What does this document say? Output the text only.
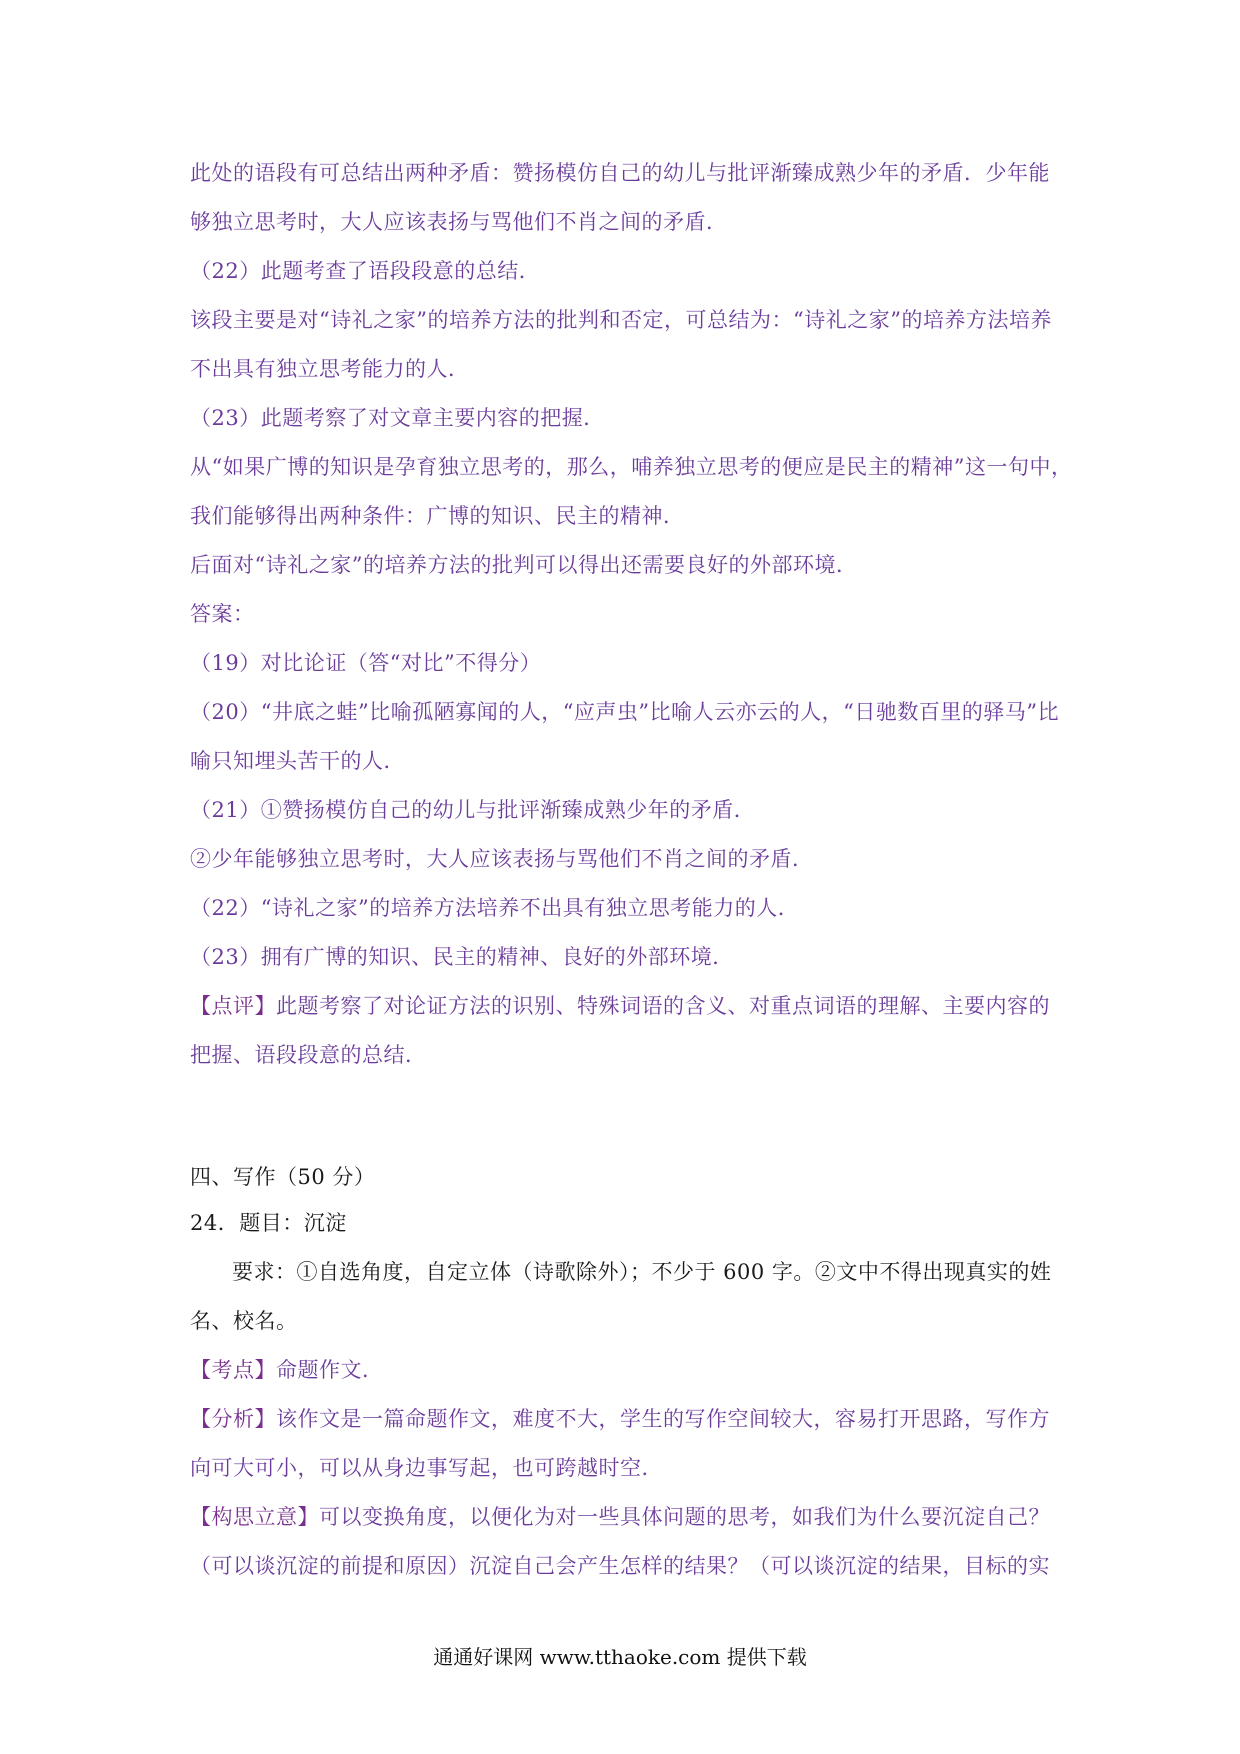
此处的语段有可总结出两种矛盾：赞扬模仿自己的幼儿与批评渐臻成熟少年的矛盾．少年能
够独立思考时，大人应该表扬与骂他们不肖之间的矛盾．
（22）此题考查了语段段意的总结．
该段主要是对“诗礼之家”的培养方法的批判和否定，可总结为：“诗礼之家”的培养方法培养
不出具有独立思考能力的人．
（23）此题考察了对文章主要内容的把握．
从“如果广博的知识是孕育独立思考的，那么，哺养独立思考的便应是民主的精神”这一句中，
我们能够得出两种条件：广博的知识、民主的精神．
后面对“诗礼之家”的培养方法的批判可以得出还需要良好的外部环境．
答案：
（19）对比论证（答“对比”不得分）
（20）“井底之蛙”比喻孤陋寡闻的人，“应声虫”比喻人云亦云的人，“日驰数百里的驿马”比
喻只知埋头苦干的人．
（21）①赞扬模仿自己的幼儿与批评渐臻成熟少年的矛盾．
②少年能够独立思考时，大人应该表扬与骂他们不肖之间的矛盾．
（22）“诗礼之家”的培养方法培养不出具有独立思考能力的人．
（23）拥有广博的知识、民主的精神、良好的外部环境．
【点评】此题考察了对论证方法的识别、特殊词语的含义、对重点词语的理解、主要内容的
把握、语段段意的总结．
四、写作（50 分）
24．题目：沉淀
要求：①自选角度，自定立体（诗歌除外）；不少于 600 字。②文中不得出现真实的姓
名、校名。
【考点】命题作文．
【分析】该作文是一篇命题作文，难度不大，学生的写作空间较大，容易打开思路，写作方
向可大可小，可以从身边事写起，也可跨越时空．
【构思立意】可以变换角度，以便化为对一些具体问题的思考，如我们为什么要沉淀自己？
（可以谈沉淀的前提和原因）沉淀自己会产生怎样的结果？（可以谈沉淀的结果，目标的实
通通好课网 www.tthaoke.com 提供下载
